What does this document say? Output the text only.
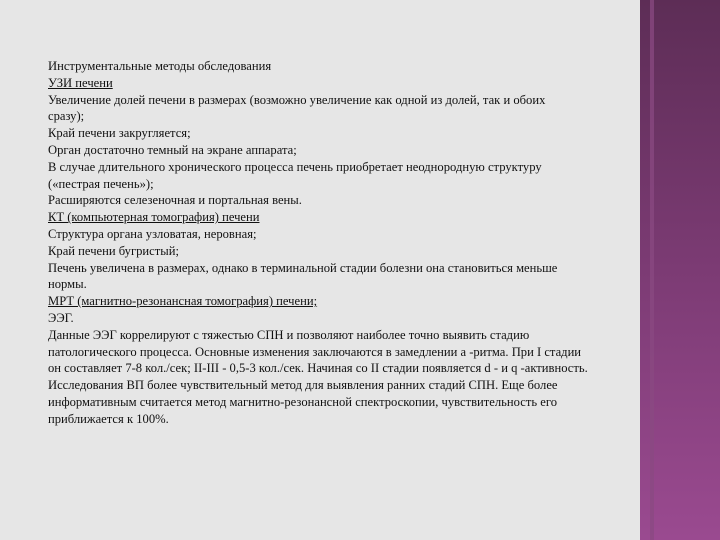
Инструментальные методы обследования

УЗИ печени

Увеличение долей печени в размерах (возможно увеличение как одной из долей, так и обоих

сразу);

Край печени закругляется;

Орган достаточно темный на экране аппарата;

В случае длительного хронического процесса печень приобретает неоднородную структуру

(«пестрая печень»);

Расширяются селезеночная и портальная вены.

КТ (компьютерная томография) печени

Структура органа узловатая, неровная;

Край печени бугристый;

Печень увеличена в размерах, однако в терминальной стадии болезни она становиться меньше

нормы.

МРТ (магнитно-резонансная томография) печени;

ЭЭГ.

Данные ЭЭГ коррелируют с тяжестью СПН и позволяют наиболее точно выявить стадию

патологического процесса. Основные изменения заключаются в замедлении а -ритма. При I стадии

он составляет 7-8 кол./сек; II-III - 0,5-3 кол./сек. Начиная со II стадии появляется d - и q -активность.

Исследования ВП более чувствительный метод для выявления ранних стадий СПН. Еще более

информативным считается метод магнитно-резонансной спектроскопии, чувствительность его

приближается к 100%.
